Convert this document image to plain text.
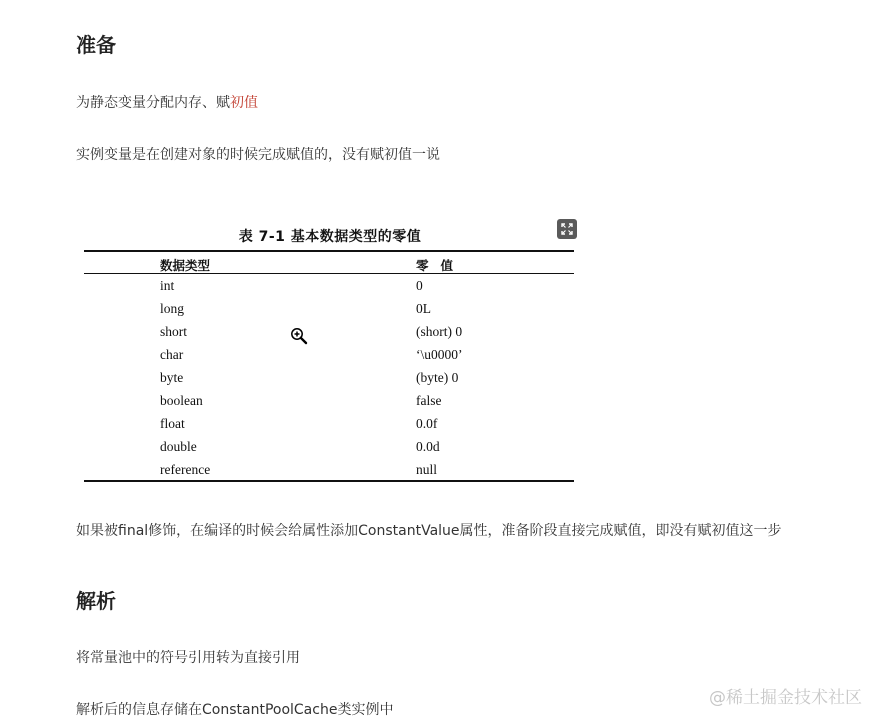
准备

为静态变量分配内存、赋初值

实例变量是在创建对象的时候完成赋值的，没有赋初值一说

表 7-1 基本数据类型的零值
数据类型	零值
int	0
long	0L
short	(short) 0
char	‘\u0000’
byte	(byte) 0
boolean	false
float	0.0f
double	0.0d
reference	null

如果被final修饰，在编译的时候会给属性添加ConstantValue属性，准备阶段直接完成赋值，即没有赋初值这一步

解析

将常量池中的符号引用转为直接引用

解析后的信息存储在ConstantPoolCache类实例中

@稀土掘金技术社区
